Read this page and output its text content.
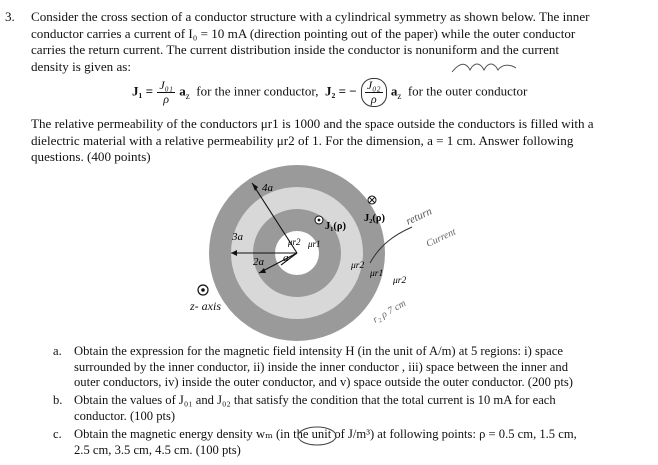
3. Consider the cross section of a conductor structure with a cylindrical symmetry as shown below. The inner
conductor carries a current of I₀ = 10 mA (direction pointing out of the paper) while the outer conductor
carries the return current. The current distribution inside the conductor is nonuniform and the current
density is given as:
$J_1 = \frac{\text{J₀₁}}{\rho} a_z$ for the inner conductor, J₂ = − $\frac{\text{J₀₂}}{\rho} a_z$ for the outer conductor
The relative permeability of the conductors μr1 is 1000 and the space outside the conductors is filled with a
dielectric material with a relative permeability μr2 of 1. For the dimension, a = 1 cm. Answer following
questions. (400 points)
4a
3a
2a a
J₁(ρ)
J₂(ρ)
μr2 μr1
μr2
μr1
μr2
return
Current
r₂ ρ 7 cm
z- axis
a. Obtain the expression for the magnetic field intensity H (in the unit of A/m) at 5 regions: i) space
surrounded by the inner conductor, ii) inside the inner conductor , iii) space between the inner and
outer conductors, iv) inside the outer conductor, and v) space outside the outer conductor. (200 pts)
b. Obtain the values of J₀₁ and J₀₂ that satisfy the condition that the total current is 10 mA for each
conductor. (100 pts)
c. Obtain the magnetic energy density wₘ (in the unit of J/m³) at following points: ρ = 0.5 cm, 1.5 cm,
2.5 cm, 3.5 cm, 4.5 cm. (100 pts)
